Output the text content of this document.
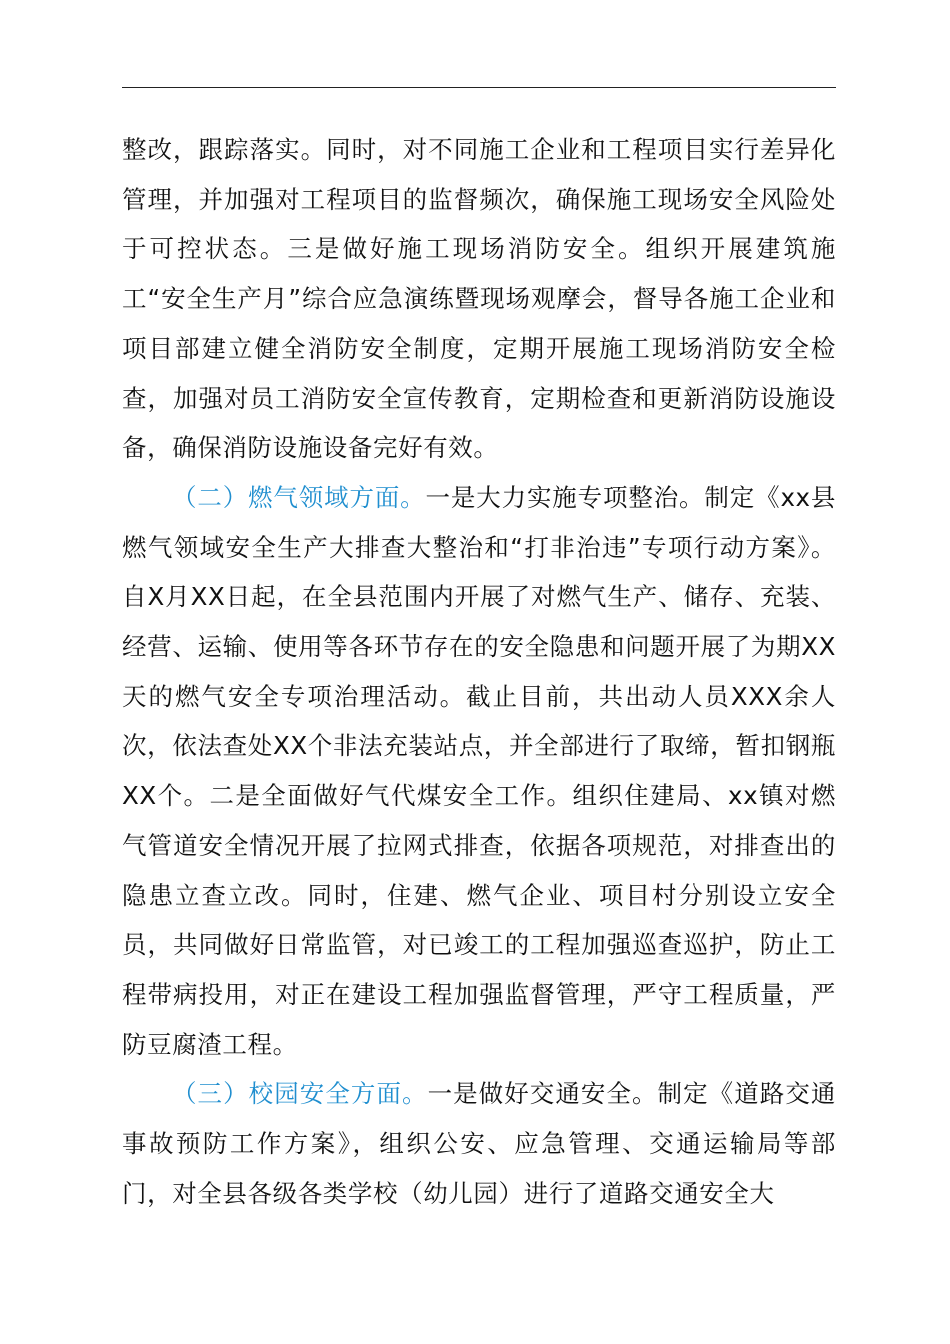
整改，跟踪落实。同时，对不同施工企业和工程项目实行差异化管理，并加强对工程项目的监督频次，确保施工现场安全风险处于可控状态。三是做好施工现场消防安全。组织开展建筑施工“安全生产月”综合应急演练暨现场观摩会，督导各施工企业和项目部建立健全消防安全制度，定期开展施工现场消防安全检查，加强对员工消防安全宣传教育，定期检查和更新消防设施设备，确保消防设施设备完好有效。

（二）燃气领域方面。一是大力实施专项整治。制定《xx县燃气领域安全生产大排查大整治和“打非治违”专项行动方案》。自X月XX日起，在全县范围内开展了对燃气生产、储存、充装、经营、运输、使用等各环节存在的安全隐患和问题开展了为期XX天的燃气安全专项治理活动。截止目前，共出动人员XXX余人次，依法查处XX个非法充装站点，并全部进行了取缔，暂扣钢瓶XX个。二是全面做好气代煤安全工作。组织住建局、xx镇对燃气管道安全情况开展了拉网式排查，依据各项规范，对排查出的隐患立查立改。同时，住建、燃气企业、项目村分别设立安全员，共同做好日常监管，对已竣工的工程加强巡查巡护，防止工程带病投用，对正在建设工程加强监督管理，严守工程质量，严防豆腐渣工程。

（三）校园安全方面。一是做好交通安全。制定《道路交通事故预防工作方案》，组织公安、应急管理、交通运输局等部门，对全县各级各类学校（幼儿园）进行了道路交通安全大
